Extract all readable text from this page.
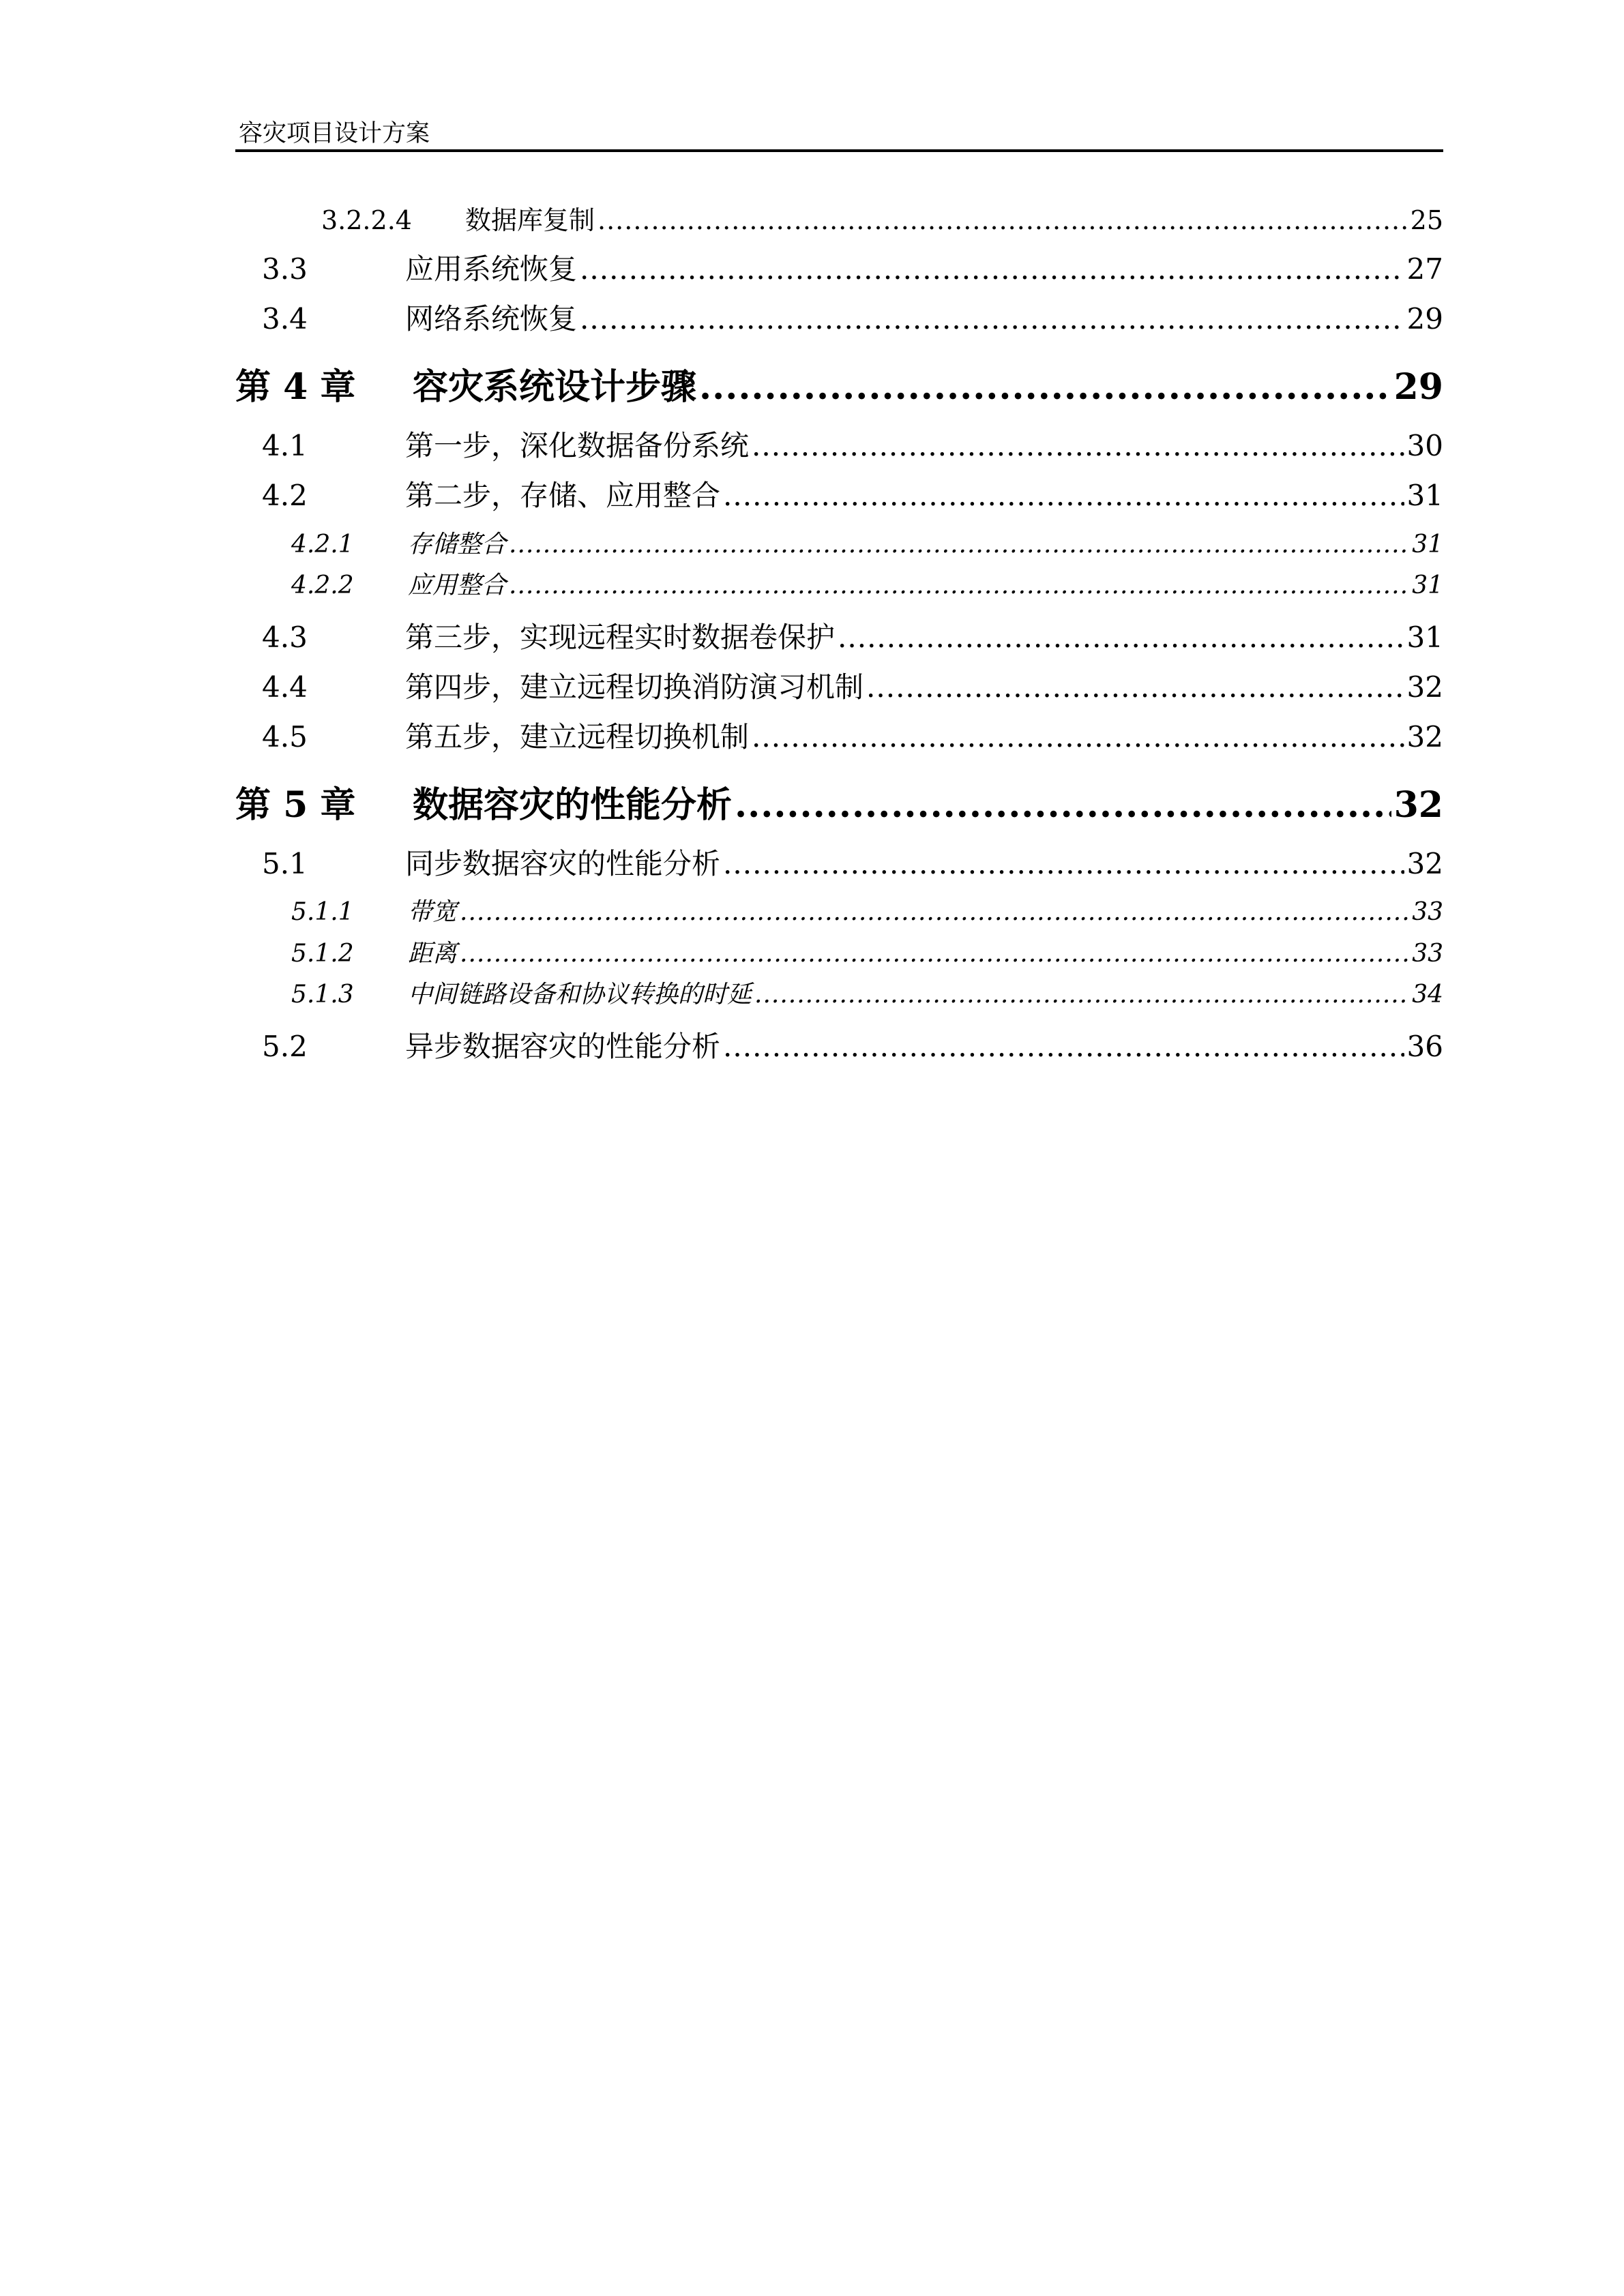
容灾项目设计方案
3.2.2.4	数据库复制 .....	25
3.3	应用系统恢复 .....	27
3.4	网络系统恢复 .....	29
第 4 章	容灾系统设计步骤 .....	29
4.1	第一步，深化数据备份系统 .....	30
4.2	第二步，存储、应用整合 .....	31
4.2.1	存储整合 .....	31
4.2.2	应用整合 .....	31
4.3	第三步，实现远程实时数据卷保护 .....	31
4.4	第四步，建立远程切换消防演习机制 .....	32
4.5	第五步，建立远程切换机制 .....	32
第 5 章	数据容灾的性能分析 .....	32
5.1	同步数据容灾的性能分析 .....	32
5.1.1	带宽 .....	33
5.1.2	距离 .....	33
5.1.3	中间链路设备和协议转换的时延 .....	34
5.2	异步数据容灾的性能分析 .....	36
